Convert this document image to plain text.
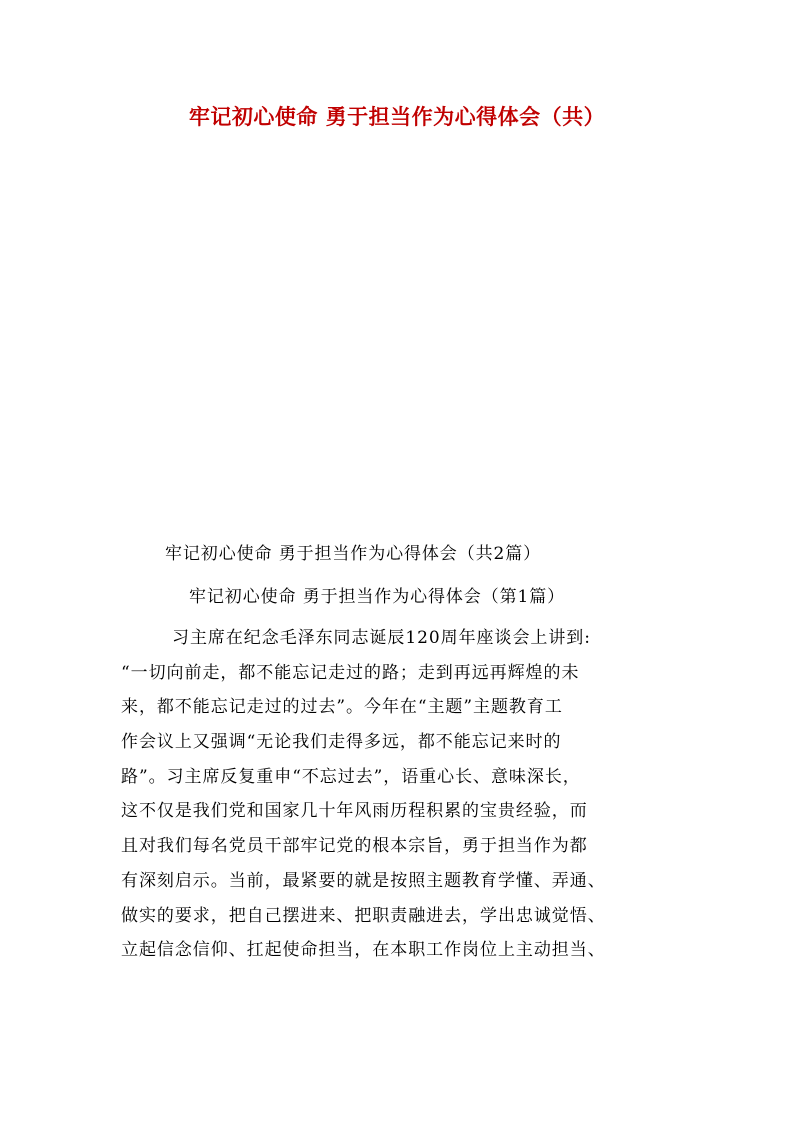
牢记初心使命 勇于担当作为心得体会（共）
牢记初心使命 勇于担当作为心得体会（共2篇）
牢记初心使命 勇于担当作为心得体会（第1篇）
习主席在纪念毛泽东同志诞辰120周年座谈会上讲到:
“一切向前走，都不能忘记走过的路；走到再远再辉煌的未
来，都不能忘记走过的过去”。今年在“主题”主题教育工
作会议上又强调“无论我们走得多远，都不能忘记来时的
路”。习主席反复重申“不忘过去”，语重心长、意味深长，
这不仅是我们党和国家几十年风雨历程积累的宝贵经验，而
且对我们每名党员干部牢记党的根本宗旨，勇于担当作为都
有深刻启示。当前，最紧要的就是按照主题教育学懂、弄通、
做实的要求，把自己摆进来、把职责融进去，学出忠诚觉悟、
立起信念信仰、扛起使命担当，在本职工作岗位上主动担当、
